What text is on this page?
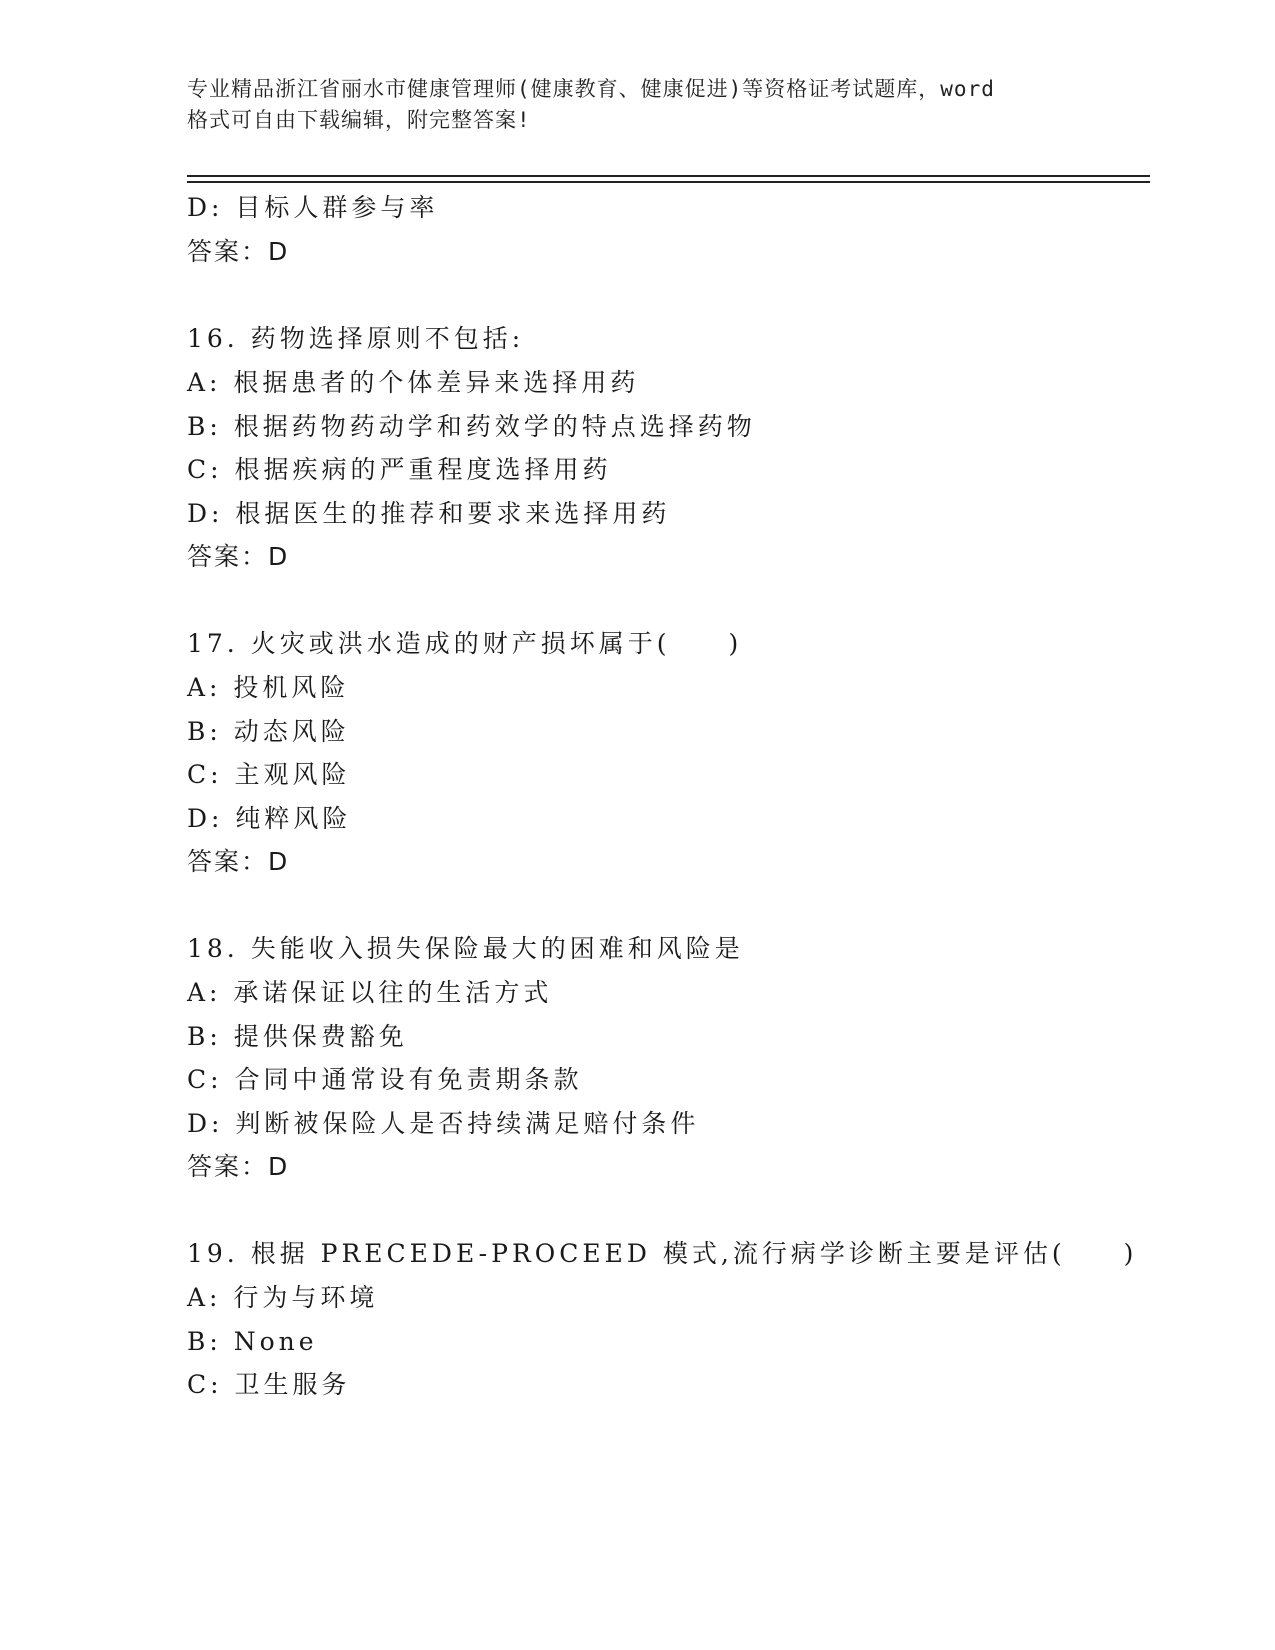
专业精品浙江省丽水市健康管理师(健康教育、健康促进)等资格证考试题库，word
格式可自由下载编辑，附完整答案!
D: 目标人群参与率
答案：D
16. 药物选择原则不包括:
A: 根据患者的个体差异来选择用药
B: 根据药物药动学和药效学的特点选择药物
C: 根据疾病的严重程度选择用药
D: 根据医生的推荐和要求来选择用药
答案：D
17. 火灾或洪水造成的财产损坏属于(　　)
A: 投机风险
B: 动态风险
C: 主观风险
D: 纯粹风险
答案：D
18. 失能收入损失保险最大的困难和风险是
A: 承诺保证以往的生活方式
B: 提供保费豁免
C: 合同中通常设有免责期条款
D: 判断被保险人是否持续满足赔付条件
答案：D
19. 根据 PRECEDE-PROCEED 模式,流行病学诊断主要是评估(　　)
A: 行为与环境
B: None
C: 卫生服务
